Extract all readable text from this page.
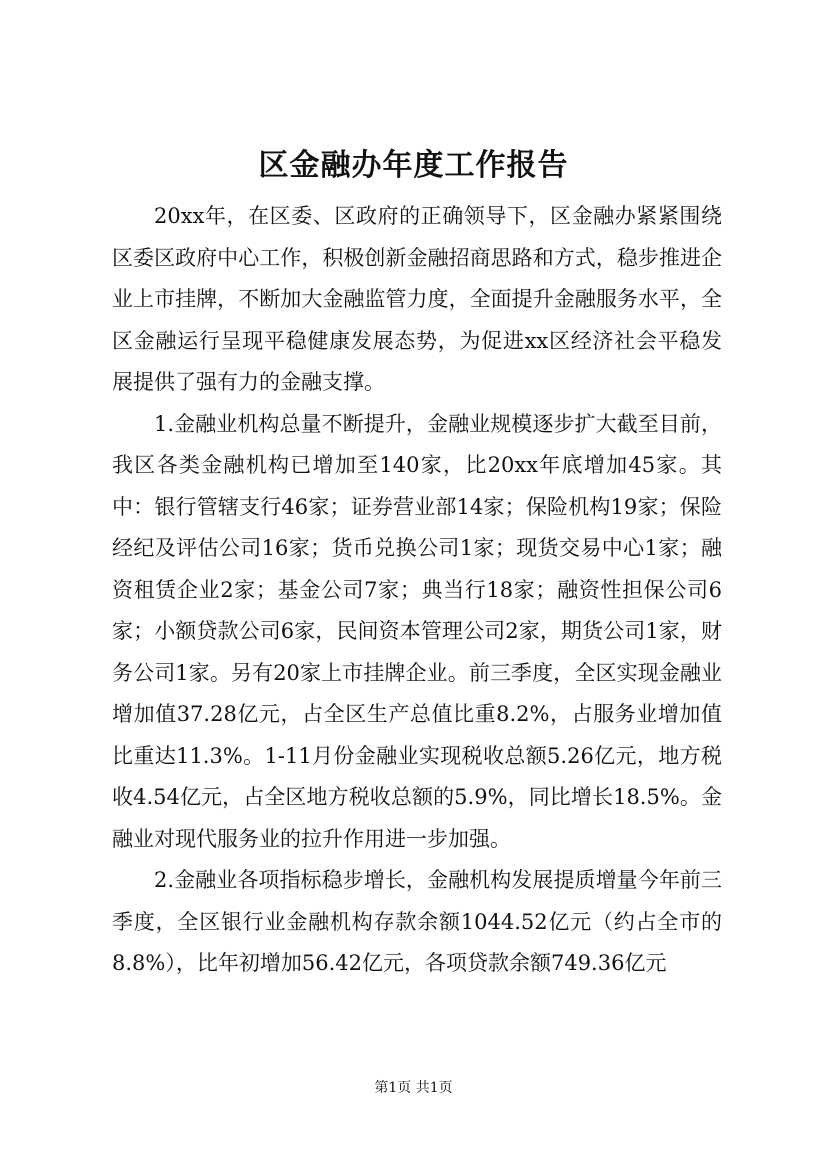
区金融办年度工作报告

20xx年，在区委、区政府的正确领导下，区金融办紧紧围绕区委区政府中心工作，积极创新金融招商思路和方式，稳步推进企业上市挂牌，不断加大金融监管力度，全面提升金融服务水平，全区金融运行呈现平稳健康发展态势，为促进xx区经济社会平稳发展提供了强有力的金融支撑。

1.金融业机构总量不断提升，金融业规模逐步扩大截至目前，我区各类金融机构已增加至140家，比20xx年底增加45家。其中：银行管辖支行46家；证券营业部14家；保险机构19家；保险经纪及评估公司16家；货币兑换公司1家；现货交易中心1家；融资租赁企业2家；基金公司7家；典当行18家；融资性担保公司6家；小额贷款公司6家，民间资本管理公司2家，期货公司1家，财务公司1家。另有20家上市挂牌企业。前三季度，全区实现金融业增加值37.28亿元，占全区生产总值比重8.2%，占服务业增加值比重达11.3%。1-11月份金融业实现税收总额5.26亿元，地方税收4.54亿元，占全区地方税收总额的5.9%，同比增长18.5%。金融业对现代服务业的拉升作用进一步加强。

2.金融业各项指标稳步增长，金融机构发展提质增量今年前三季度，全区银行业金融机构存款余额1044.52亿元（约占全市的8.8%），比年初增加56.42亿元，各项贷款余额749.36亿元

第1页 共1页
